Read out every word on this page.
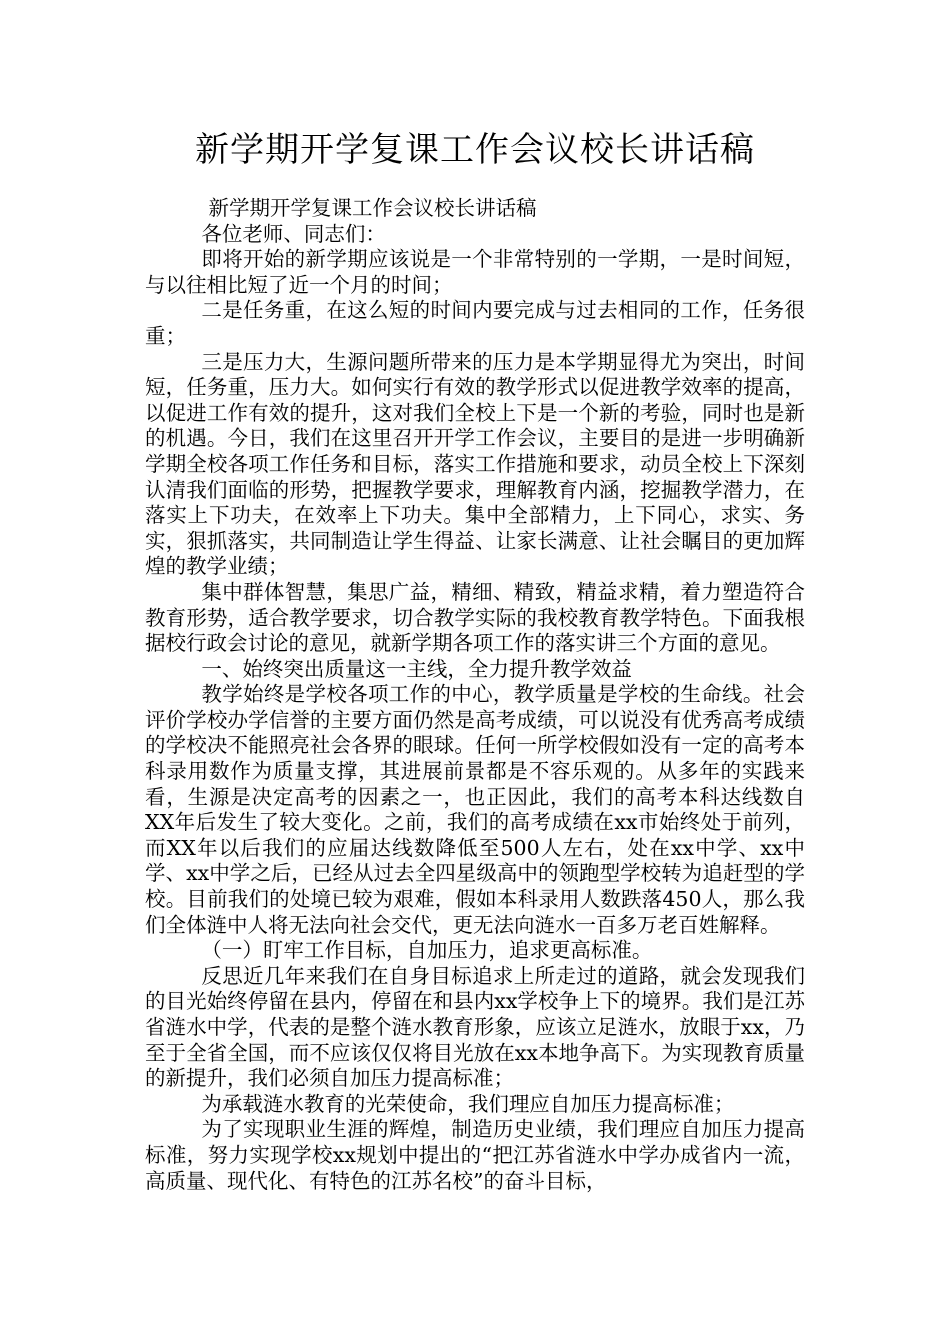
新学期开学复课工作会议校长讲话稿

新学期开学复课工作会议校长讲话稿

各位老师、同志们：

即将开始的新学期应该说是一个非常特别的一学期，一是时间短，与以往相比短了近一个月的时间；

二是任务重，在这么短的时间内要完成与过去相同的工作，任务很重；

三是压力大，生源问题所带来的压力是本学期显得尤为突出，时间短，任务重，压力大。如何实行有效的教学形式以促进教学效率的提高，以促进工作有效的提升，这对我们全校上下是一个新的考验，同时也是新的机遇。今日，我们在这里召开开学工作会议，主要目的是进一步明确新学期全校各项工作任务和目标，落实工作措施和要求，动员全校上下深刻认清我们面临的形势，把握教学要求，理解教育内涵，挖掘教学潜力，在落实上下功夫，在效率上下功夫。集中全部精力，上下同心，求实、务实，狠抓落实，共同制造让学生得益、让家长满意、让社会瞩目的更加辉煌的教学业绩；

集中群体智慧，集思广益，精细、精致，精益求精，着力塑造符合教育形势，适合教学要求，切合教学实际的我校教育教学特色。下面我根据校行政会讨论的意见，就新学期各项工作的落实讲三个方面的意见。

一、始终突出质量这一主线，全力提升教学效益

教学始终是学校各项工作的中心，教学质量是学校的生命线。社会评价学校办学信誉的主要方面仍然是高考成绩，可以说没有优秀高考成绩的学校决不能照亮社会各界的眼球。任何一所学校假如没有一定的高考本科录用数作为质量支撑，其进展前景都是不容乐观的。从多年的实践来看，生源是决定高考的因素之一，也正因此，我们的高考本科达线数自XX年后发生了较大变化。之前，我们的高考成绩在xx市始终处于前列，而XX年以后我们的应届达线数降低至500人左右，处在xx中学、xx中学、xx中学之后，已经从过去全四星级高中的领跑型学校转为追赶型的学校。目前我们的处境已较为艰难，假如本科录用人数跌落450人，那么我们全体涟中人将无法向社会交代，更无法向涟水一百多万老百姓解释。

（一）盯牢工作目标，自加压力，追求更高标准。

反思近几年来我们在自身目标追求上所走过的道路，就会发现我们的目光始终停留在县内，停留在和县内xx学校争上下的境界。我们是江苏省涟水中学，代表的是整个涟水教育形象，应该立足涟水，放眼于xx，乃至于全省全国，而不应该仅仅将目光放在xx本地争高下。为实现教育质量的新提升，我们必须自加压力提高标准；

为承载涟水教育的光荣使命，我们理应自加压力提高标准；

为了实现职业生涯的辉煌，制造历史业绩，我们理应自加压力提高标准，努力实现学校xx规划中提出的“把江苏省涟水中学办成省内一流，高质量、现代化、有特色的江苏名校”的奋斗目标，
